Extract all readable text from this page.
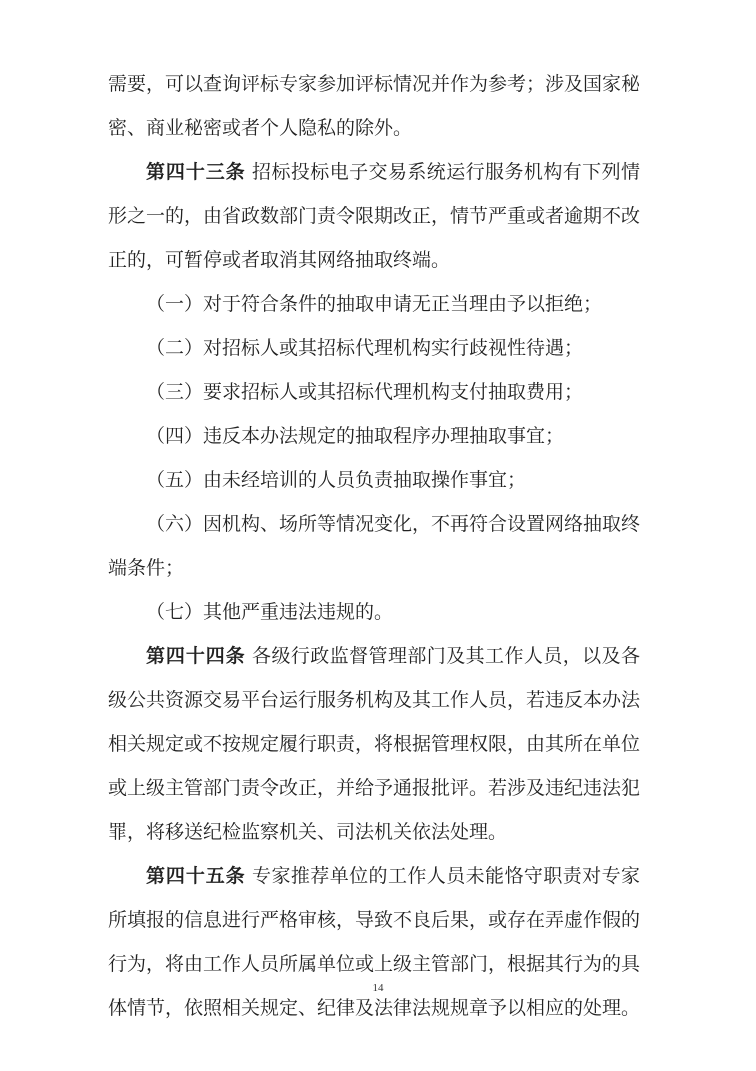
需要，可以查询评标专家参加评标情况并作为参考；涉及国家秘密、商业秘密或者个人隐私的除外。

第四十三条 招标投标电子交易系统运行服务机构有下列情形之一的，由省政数部门责令限期改正，情节严重或者逾期不改正的，可暂停或者取消其网络抽取终端。

（一）对于符合条件的抽取申请无正当理由予以拒绝；

（二）对招标人或其招标代理机构实行歧视性待遇；

（三）要求招标人或其招标代理机构支付抽取费用；

（四）违反本办法规定的抽取程序办理抽取事宜；

（五）由未经培训的人员负责抽取操作事宜；

（六）因机构、场所等情况变化，不再符合设置网络抽取终端条件；

（七）其他严重违法违规的。

第四十四条 各级行政监督管理部门及其工作人员，以及各级公共资源交易平台运行服务机构及其工作人员，若违反本办法相关规定或不按规定履行职责，将根据管理权限，由其所在单位或上级主管部门责令改正，并给予通报批评。若涉及违纪违法犯罪，将移送纪检监察机关、司法机关依法处理。

第四十五条 专家推荐单位的工作人员未能恪守职责对专家所填报的信息进行严格审核，导致不良后果，或存在弄虚作假的行为，将由工作人员所属单位或上级主管部门，根据其行为的具体情节，依照相关规定、纪律及法律法规规章予以相应的处理。

14
